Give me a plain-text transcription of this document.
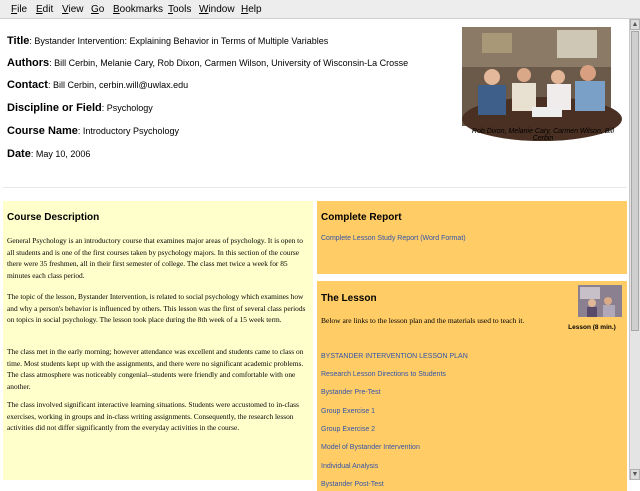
File Edit View Go Bookmarks Tools Window Help
Title: Bystander Intervention: Explaining Behavior in Terms of Multiple Variables
Authors: Bill Cerbin, Melanie Cary, Rob Dixon, Carmen Wilson, University of Wisconsin-La Crosse
Contact: Bill Cerbin, cerbin.will@uwlax.edu
Discipline or Field: Psychology
Course Name: Introductory Psychology
Date: May 10, 2006
Rob Dixon, Melanie Cary, Carmen Wilson, Bill Cerbin
Course Description
General Psychology is an introductory course that examines major areas of psychology. It is open to all students and is one of the first courses taken by psychology majors. In this section of the course there were 35 freshmen, all in their first semester of college. The class met twice a week for 85 minutes each class period.
The topic of the lesson, Bystander Intervention, is related to social psychology which examines how and why a person's behavior is influenced by others. This lesson was the first of several class periods on topics in social psychology. The lesson took place during the 8th week of a 15 week term.
The class met in the early morning; however attendance was excellent and students came to class on time. Most students kept up with the assignments, and there were no significant academic problems. The class atmosphere was noticeably congenial--students were friendly and comfortable with one another.
The class involved significant interactive learning situations. Students were accustomed to in-class exercises, working in groups and in-class writing assignments. Consequently, the research lesson activities did not differ significantly from the everyday activities in the course.
Complete Report
Complete Lesson Study Report (Word Format)
The Lesson
Below are links to the lesson plan and the materials used to teach it.
Lesson (8 min.)
BYSTANDER INTERVENTION LESSON PLAN
Research Lesson Directions to Students
Bystander Pre-Test
Group Exercise 1
Group Exercise 2
Model of Bystander Intervention
Individual Analysis
Bystander Post-Test
▲
▼
